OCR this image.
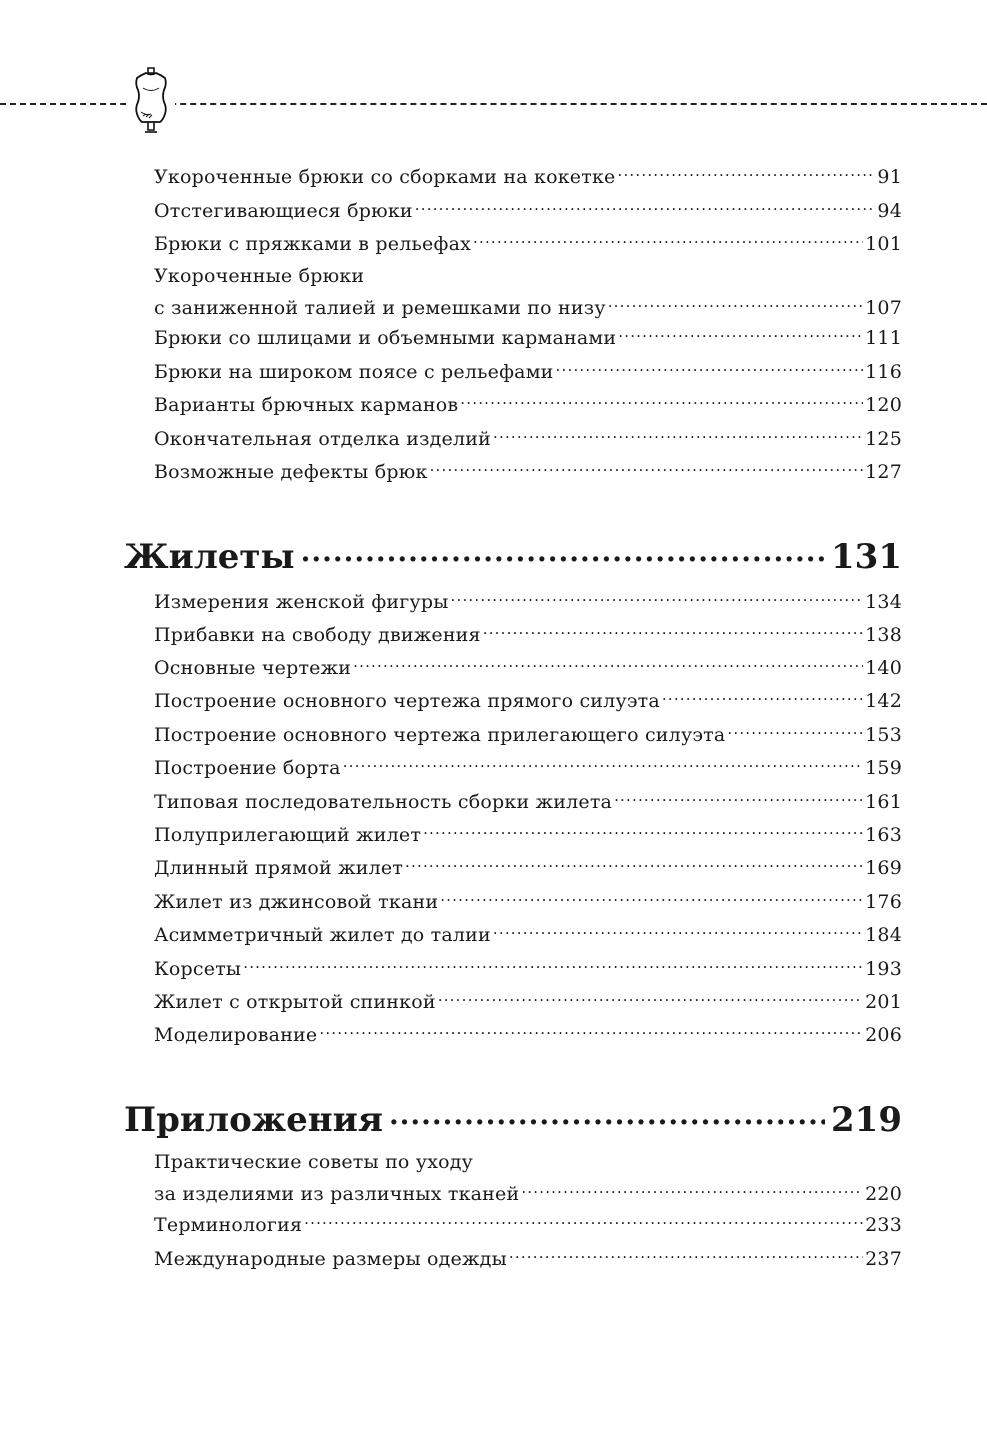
Укороченные брюки со сборками на кокетке .....	91
Отстегивающиеся брюки .....	94
Брюки с пряжками в рельефах .....	101
Укороченные брюки
с заниженной талией и ремешками по низу .....	107
Брюки со шлицами и объемными карманами .....	111
Брюки на широком поясе с рельефами .....	116
Варианты брючных карманов .....	120
Окончательная отделка изделий .....	125
Возможные дефекты брюк .....	127
Жилеты .....	131
Измерения женской фигуры .....	134
Прибавки на свободу движения .....	138
Основные чертежи .....	140
Построение основного чертежа прямого силуэта .....	142
Построение основного чертежа прилегающего силуэта .....	153
Построение борта .....	159
Типовая последовательность сборки жилета .....	161
Полуприлегающий жилет .....	163
Длинный прямой жилет .....	169
Жилет из джинсовой ткани .....	176
Асимметричный жилет до талии .....	184
Корсеты .....	193
Жилет с открытой спинкой .....	201
Моделирование .....	206
Приложения .....	219
Практические советы по уходу
за изделиями из различных тканей .....	220
Терминология .....	233
Международные размеры одежды .....	237
